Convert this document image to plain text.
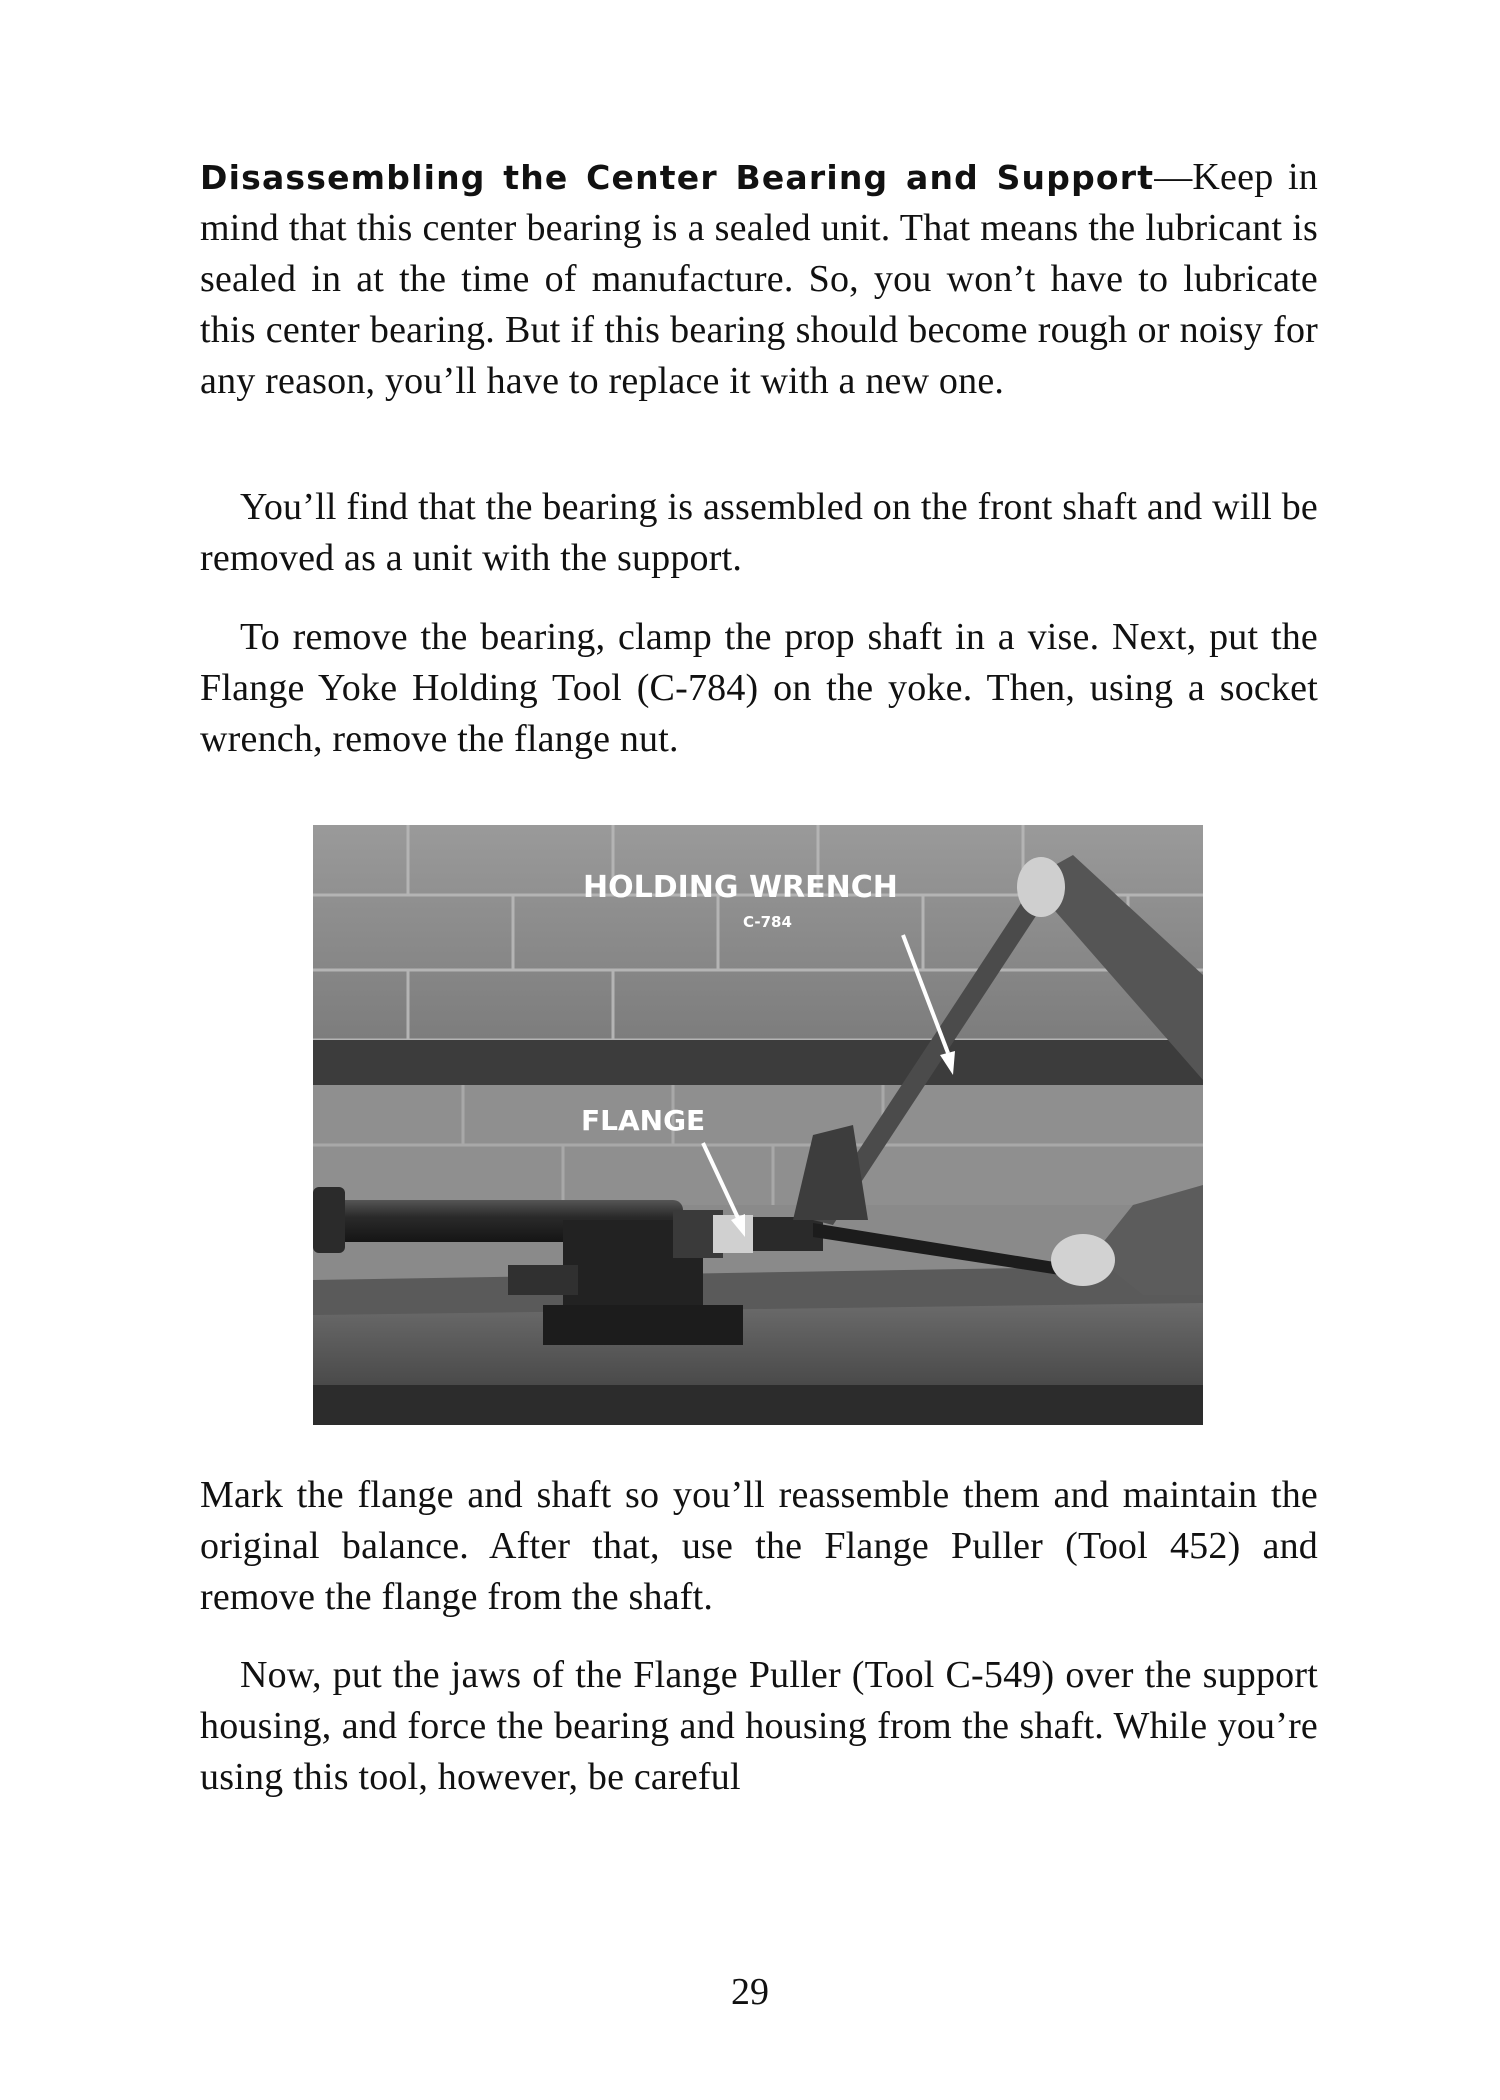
Disassembling the Center Bearing and Support—Keep in mind that this center bearing is a sealed unit. That means the lubricant is sealed in at the time of manufacture. So, you won’t have to lubricate this center bearing. But if this bearing should become rough or noisy for any reason, you’ll have to replace it with a new one.

You’ll find that the bearing is assembled on the front shaft and will be removed as a unit with the support.

To remove the bearing, clamp the prop shaft in a vise. Next, put the Flange Yoke Holding Tool (C-784) on the yoke. Then, using a socket wrench, remove the flange nut.

HOLDING WRENCH
C-784
FLANGE

Mark the flange and shaft so you’ll reassemble them and maintain the original balance. After that, use the Flange Puller (Tool 452) and remove the flange from the shaft.

Now, put the jaws of the Flange Puller (Tool C-549) over the support housing, and force the bearing and housing from the shaft. While you’re using this tool, however, be careful

29
